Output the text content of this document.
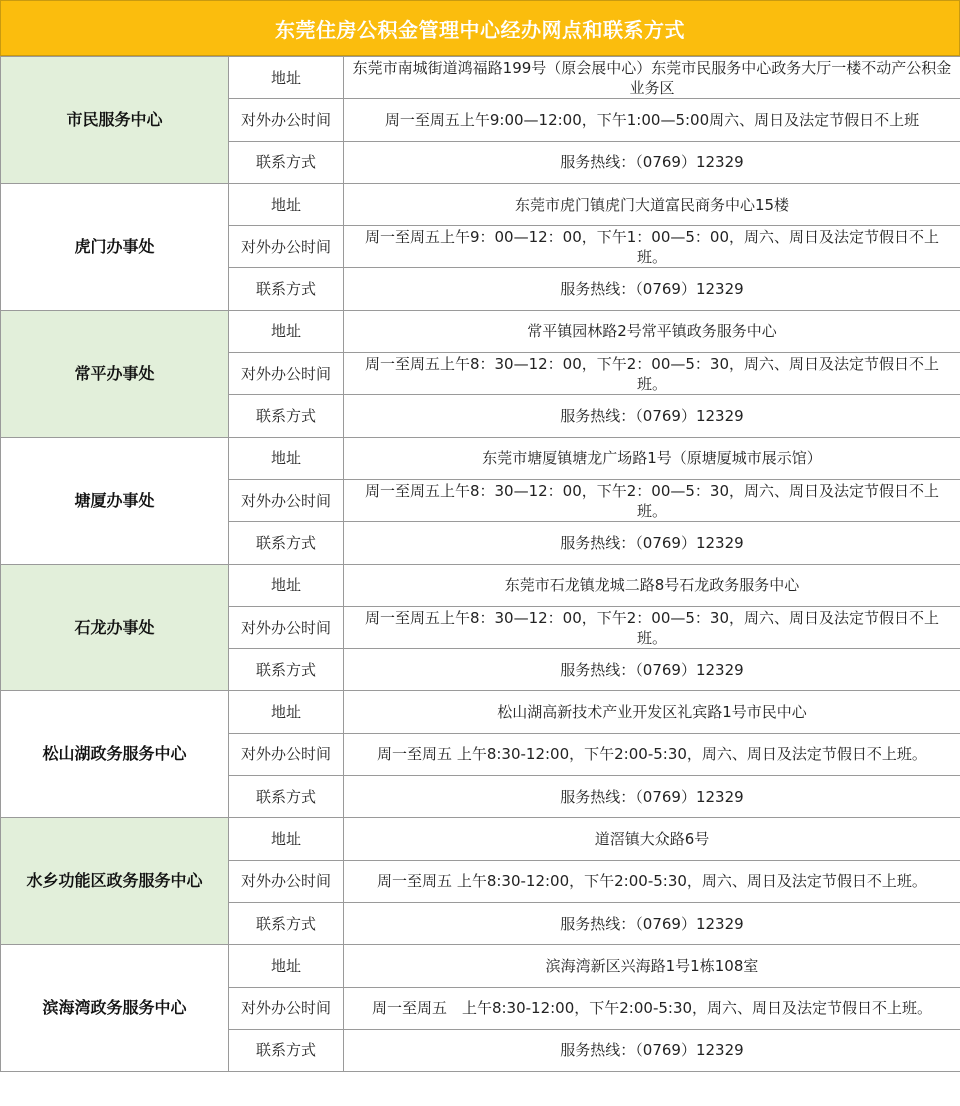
东莞住房公积金管理中心经办网点和联系方式
市民服务中心	地址	东莞市南城街道鸿福路199号（原会展中心）东莞市民服务中心政务大厅一楼不动产公积金业务区
	对外办公时间	周一至周五上午9:00—12:00，下午1:00—5:00周六、周日及法定节假日不上班
	联系方式	服务热线：（0769）12329
虎门办事处	地址	东莞市虎门镇虎门大道富民商务中心15楼
	对外办公时间	周一至周五上午9：00—12：00，下午1：00—5：00，周六、周日及法定节假日不上班。
	联系方式	服务热线：（0769）12329
常平办事处	地址	常平镇园林路2号常平镇政务服务中心
	对外办公时间	周一至周五上午8：30—12：00，下午2：00—5：30，周六、周日及法定节假日不上班。
	联系方式	服务热线：（0769）12329
塘厦办事处	地址	东莞市塘厦镇塘龙广场路1号（原塘厦城市展示馆）
	对外办公时间	周一至周五上午8：30—12：00，下午2：00—5：30，周六、周日及法定节假日不上班。
	联系方式	服务热线：（0769）12329
石龙办事处	地址	东莞市石龙镇龙城二路8号石龙政务服务中心
	对外办公时间	周一至周五上午8：30—12：00，下午2：00—5：30，周六、周日及法定节假日不上班。
	联系方式	服务热线：（0769）12329
松山湖政务服务中心	地址	松山湖高新技术产业开发区礼宾路1号市民中心
	对外办公时间	周一至周五 上午8:30-12:00，下午2:00-5:30，周六、周日及法定节假日不上班。
	联系方式	服务热线：（0769）12329
水乡功能区政务服务中心	地址	道滘镇大众路6号
	对外办公时间	周一至周五 上午8:30-12:00，下午2:00-5:30，周六、周日及法定节假日不上班。
	联系方式	服务热线：（0769）12329
滨海湾政务服务中心	地址	滨海湾新区兴海路1号1栋108室
	对外办公时间	周一至周五　上午8:30-12:00，下午2:00-5:30，周六、周日及法定节假日不上班。
	联系方式	服务热线：（0769）12329
